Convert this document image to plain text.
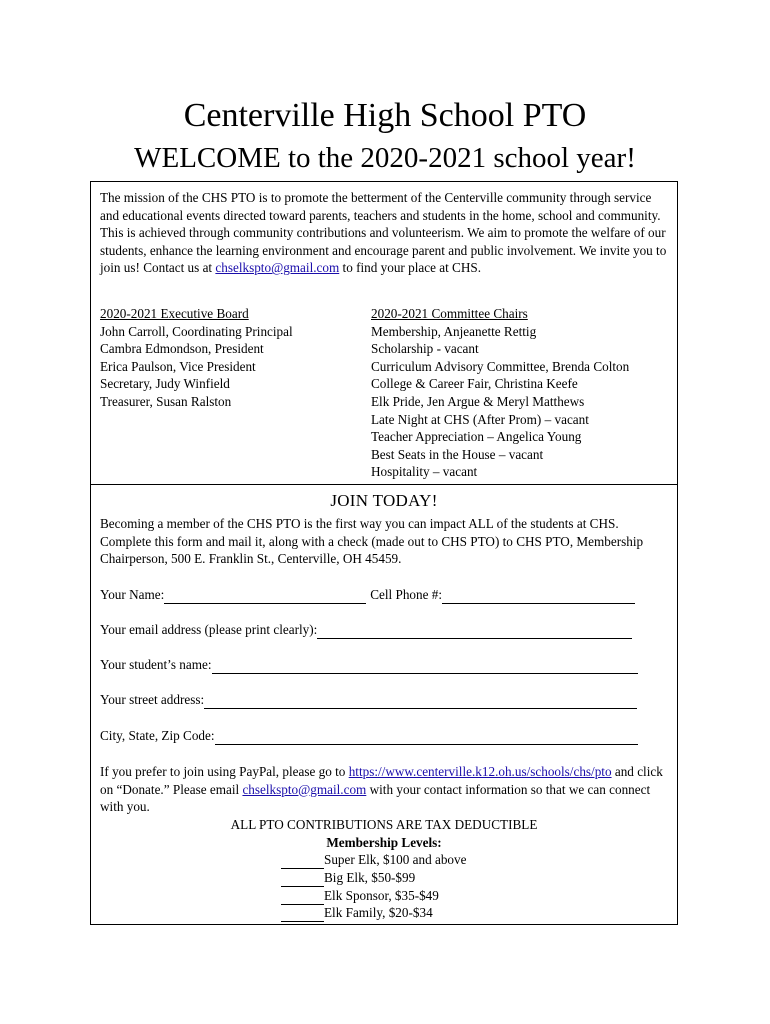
Centerville High School PTO
WELCOME to the 2020-2021 school year!
The mission of the CHS PTO is to promote the betterment of the Centerville community through service and educational events directed toward parents, teachers and students in the home, school and community. This is achieved through community contributions and volunteerism. We aim to promote the welfare of our students, enhance the learning environment and encourage parent and public involvement. We invite you to join us! Contact us at chselkspto@gmail.com to find your place at CHS.
2020-2021 Executive Board
John Carroll, Coordinating Principal
Cambra Edmondson, President
Erica Paulson, Vice President
Secretary, Judy Winfield
Treasurer, Susan Ralston
2020-2021 Committee Chairs
Membership, Anjeanette Rettig
Scholarship - vacant
Curriculum Advisory Committee, Brenda Colton
College & Career Fair, Christina Keefe
Elk Pride, Jen Argue & Meryl Matthews
Late Night at CHS (After Prom) – vacant
Teacher Appreciation – Angelica Young
Best Seats in the House – vacant
Hospitality – vacant
JOIN TODAY!
Becoming a member of the CHS PTO is the first way you can impact ALL of the students at CHS. Complete this form and mail it, along with a check (made out to CHS PTO) to CHS PTO, Membership Chairperson, 500 E. Franklin St., Centerville, OH 45459.
Your Name:	Cell Phone #:
Your email address (please print clearly):
Your student’s name:
Your street address:
City, State, Zip Code:
If you prefer to join using PayPal, please go to https://www.centerville.k12.oh.us/schools/chs/pto and click on “Donate.” Please email chselkspto@gmail.com with your contact information so that we can connect with you.
ALL PTO CONTRIBUTIONS ARE TAX DEDUCTIBLE
Membership Levels:
Super Elk, $100 and above
Big Elk, $50-$99
Elk Sponsor, $35-$49
Elk Family, $20-$34
